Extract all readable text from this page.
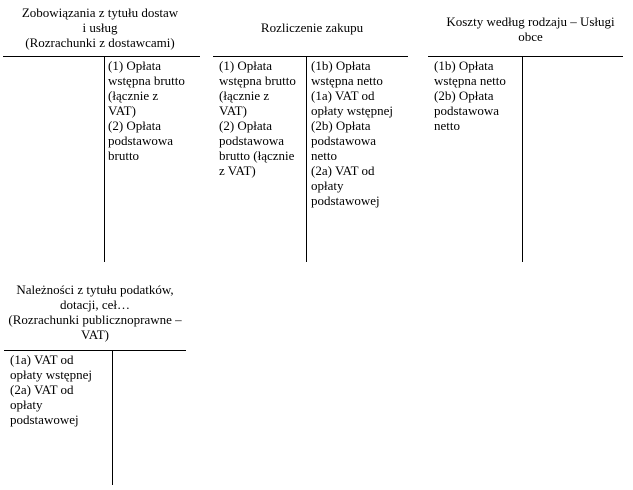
Zobowiązania z tytułu dostaw
i usług
(Rozrachunki z dostawcami)
(1) Opłata
wstępna brutto
(łącznie z
VAT)
(2) Opłata
podstawowa
brutto
Rozliczenie zakupu
(1) Opłata
wstępna brutto
(łącznie z
VAT)
(2) Opłata
podstawowa
brutto (łącznie
z VAT)
(1b) Opłata
wstępna netto
(1a) VAT od
opłaty wstępnej
(2b) Opłata
podstawowa
netto
(2a) VAT od
opłaty
podstawowej
Koszty według rodzaju – Usługi
obce
(1b) Opłata
wstępna netto
(2b) Opłata
podstawowa
netto
Należności z tytułu podatków,
dotacji, ceł…
(Rozrachunki publicznoprawne –
VAT)
(1a) VAT od
opłaty wstępnej
(2a) VAT od
opłaty
podstawowej
